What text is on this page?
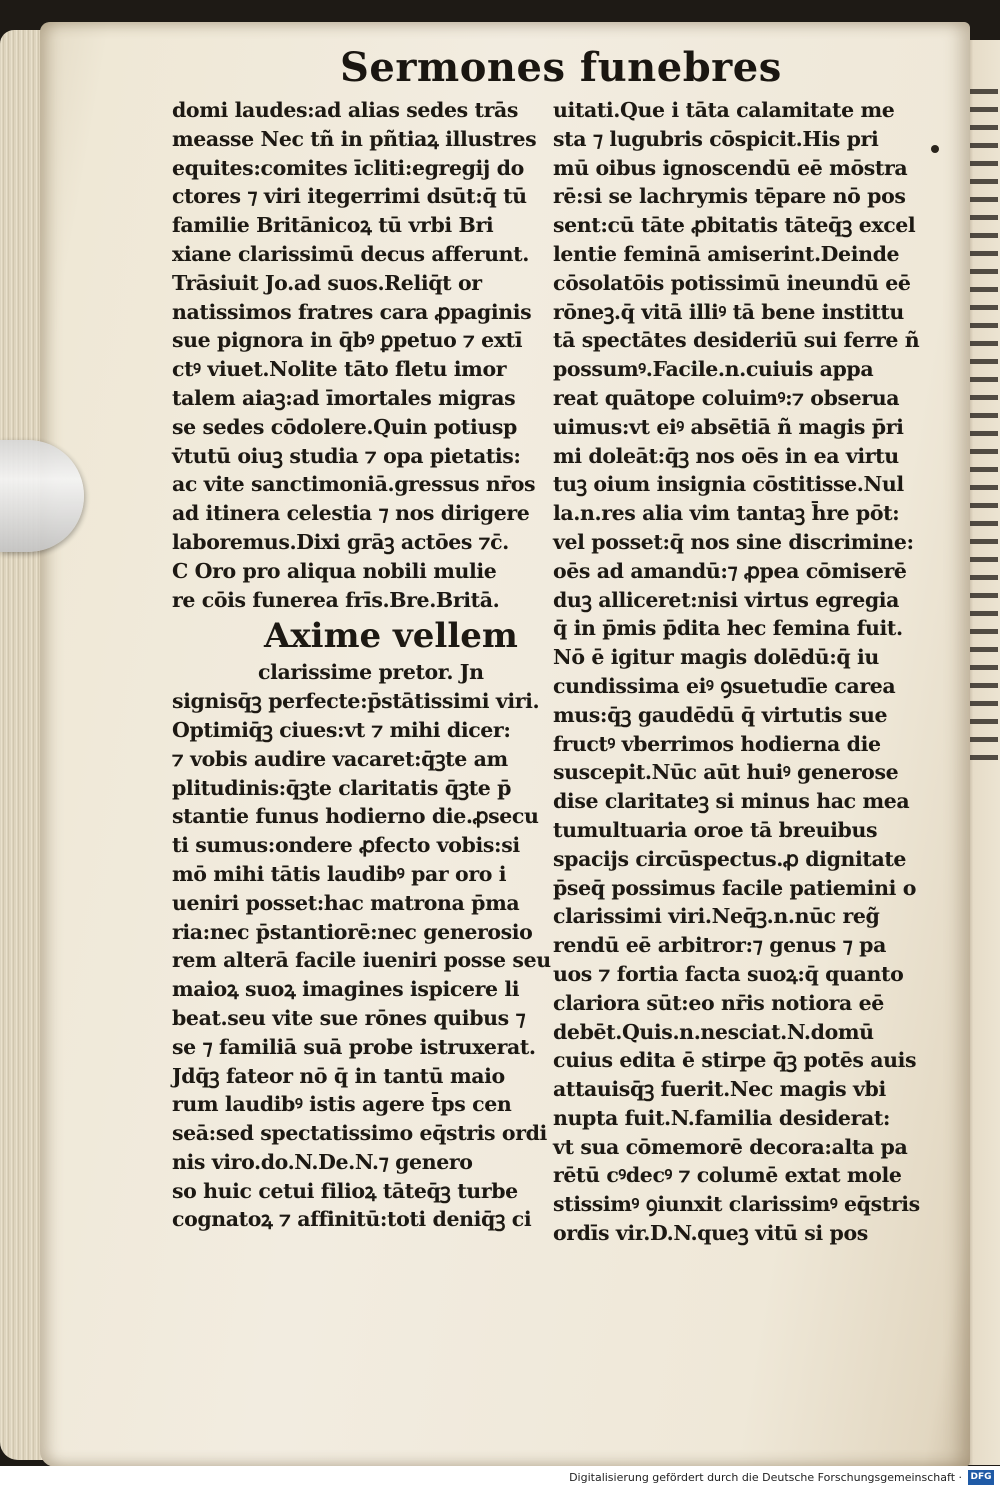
Sermones funebres
domi laudes:ad alias sedes trās
measse Nec tñ in pñtiaꝝ illustres
equites:comites īcliti:egregij do
ctores ⁊ viri itegerrimi dsūt:q̄ tū
familie Britānicoꝝ tū vrbi Bri
xiane clarissimū decus afferunt.
Trāsiuit Jo.ad suos.Reliq̄t or
natissimos fratres cara ꝓpaginis
sue pignora in q̄bꝰ ꝑpetuo ⁊ extī
ctꝰ viuet.Nolite tāto fletu imor
talem aiaꝫ:ad īmortales migras
se sedes cōdolere.Quin potiusp
v̄tutū oiuꝫ studia ⁊ opa pietatis:
ac vite sanctimoniā.gressus nr̄os
ad itinera celestia ⁊ nos dirigere
laboremus.Dixi grāꝫ actōes ⁊c̄.
C Oro pro aliqua nobili mulie
re cōis funerea frīs.Bre.Britā.
Axime vellem
clarissime pretor. Jn
signisq̄ꝫ perfecte:p̄stātissimi viri.
Optimiq̄ꝫ ciues:vt ⁊ mihi dicer:
⁊ vobis audire vacaret:q̄ꝫte am
plitudinis:q̄ꝫte claritatis q̄ꝫte p̄
stantie funus hodierno die.ꝓsecu
ti sumus:ondere ꝓfecto vobis:si
mō mihi tātis laudibꝰ par oro i
ueniri posset:hac matrona p̄ma
ria:nec p̄stantiorē:nec generosio
rem alterā facile iueniri posse seu
maioꝝ suoꝝ imagines ispicere li
beat.seu vite sue rōnes quibus ⁊
se ⁊ familiā suā probe istruxerat.
Jdq̄ꝫ fateor nō q̄ in tantū maio
rum laudibꝰ istis agere t̄ps cen
seā:sed spectatissimo eq̄stris ordi
nis viro.do.N.De.N.⁊ genero
so huic cetui filioꝝ tāteq̄ꝫ turbe
cognatoꝝ ⁊ affinitū:toti deniq̄ꝫ ci
uitati.Que i tāta calamitate me
sta ⁊ lugubris cōspicit.His pri
mū oibus ignoscendū eē mōstra
rē:si se lachrymis tēpare nō pos
sent:cū tāte ꝓbitatis tāteq̄ꝫ excel
lentie feminā amiserint.Deinde
cōsolatōis potissimū ineundū eē
rōneꝫ.q̄ vitā illiꝰ tā bene instittu
tā spectātes desideriū sui ferre ñ
possumꝰ.Facile.n.cuiuis appa
reat quātope coluimꝰ:⁊ obserua
uimus:vt eiꝰ absētiā ñ magis p̄ri
mi doleāt:q̄ꝫ nos oēs in ea virtu
tuꝫ oium insignia cōstitisse.Nul
la.n.res alia vim tantaꝫ h̄re pōt:
vel posset:q̄ nos sine discrimine:
oēs ad amandū:⁊ ꝓpea cōmiserē
duꝫ alliceret:nisi virtus egregia
q̄ in p̄mis p̄dita hec femina fuit.
Nō ē igitur magis dolēdū:q̄ iu
cundissima eiꝰ ꝯsuetudīe carea
mus:q̄ꝫ gaudēdū q̄ virtutis sue
fructꝰ vberrimos hodierna die
suscepit.Nūc aūt huiꝰ generose
dise claritateꝫ si minus hac mea
tumultuaria oroe tā breuibus
spacijs circūspectus.ꝓ dignitate
p̄seq̄ possimus facile patiemini o
clarissimi viri.Neq̄ꝫ.n.nūc reg̃
rendū eē arbitror:⁊ genus ⁊ pa
uos ⁊ fortia facta suoꝝ:q̄ quanto
clariora sūt:eo nr̄is notiora eē
debēt.Quis.n.nesciat.N.domū
cuius edita ē stirpe q̄ꝫ potēs auis
attauisq̄ꝫ fuerit.Nec magis vbi
nupta fuit.N.familia desiderat:
vt sua cōmemorē decora:alta pa
rētū cꝰdecꝰ ⁊ columē extat mole
stissimꝰ ꝯiunxit clarissimꝰ eq̄stris
ordīs vir.D.N.queꝫ vitū si pos
Digitalisierung gefördert durch die Deutsche Forschungsgemeinschaft · DFG
